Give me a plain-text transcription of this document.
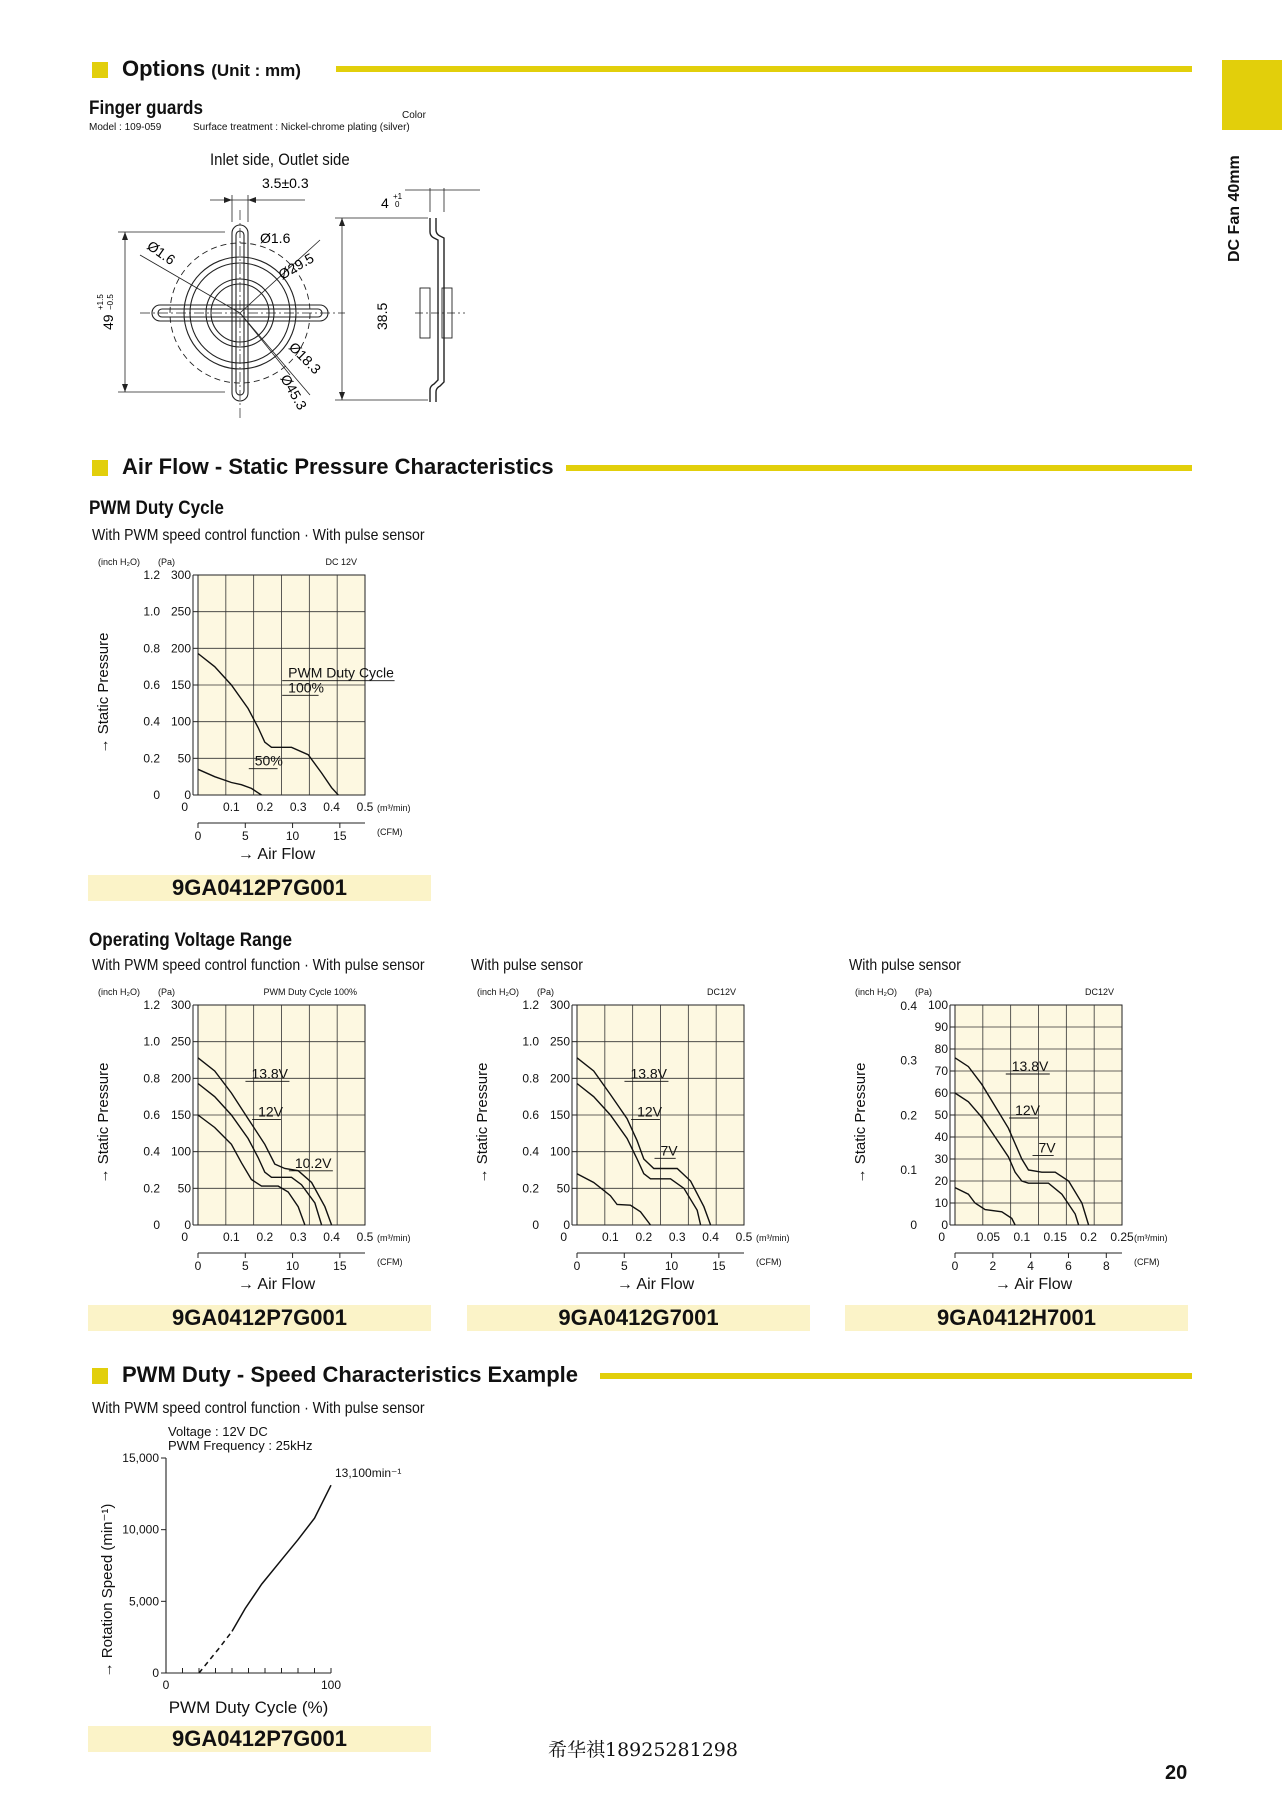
DC Fan 40mm
Options (Unit : mm)
Finger guards
Model : 109-059	Surface treatment : Nickel-chrome plating (silver)
Color
Inlet side, Outlet side
3.5±0.3
Ø1.6
Ø1.6	Ø29.5
Ø18.3
Ø45.3
49
+1.5 −0.5
4 +1
0
38.5
Air Flow - Static Pressure Characteristics
PWM Duty Cycle
Operating Voltage Range
0
50
100
150
200
250
300
0
0.2
0.4
0.6
0.8
1.0
1.2
(inch H₂O) (Pa)	DC 12V
→ Static Pressure
0	0.1 0.2 0.3 0.4 0.5 (m³/min)
0	5	10	15	(CFM)
→ Air Flow
PWM Duty Cycle
100%
50%
0
50
100
150
200
250
300
0
0.2
0.4
0.6
0.8
1.0
1.2
(inch H₂O) (Pa)	PWM Duty Cycle 100%
→ Static Pressure
0	0.1 0.2 0.3 0.4 0.5 (m³/min)
0	5	10	15	(CFM)
→ Air Flow
13.8V
12V
10.2V
0
50
100
150
200
250
300
0
0.2
0.4
0.6
0.8
1.0
1.2
(inch H₂O) (Pa)	DC12V
→ Static Pressure
0	0.1 0.2 0.3 0.4 0.5 (m³/min)
0	5	10	15	(CFM)
→ Air Flow
13.8V
12V
7V
0
10
20
30
40
50
60
70
80
90
100
0
0.1
0.2
0.3
0.4
(inch H₂O) (Pa)	DC12V
→ Static Pressure
0	0.05 0.1 0.15 0.2 0.25 (m³/min)
0	2	4	6	8	(CFM)
→ Air Flow
13.8V
12V
7V
0
5,000
10,000
15,000
0	100
PWM Duty Cycle (%)
→ Rotation Speed (min⁻¹)
13,100min⁻¹
PWM Duty - Speed Characteristics Example
Voltage : 12V DC
PWM Frequency : 25kHz
希华祺18925281298
20
With PWM speed control function · With pulse sensor
9GA0412P7G001
With PWM speed control function · With pulse sensor
9GA0412P7G001
With pulse sensor
9GA0412G7001
With pulse sensor
9GA0412H7001
With PWM speed control function · With pulse sensor
9GA0412P7G001
